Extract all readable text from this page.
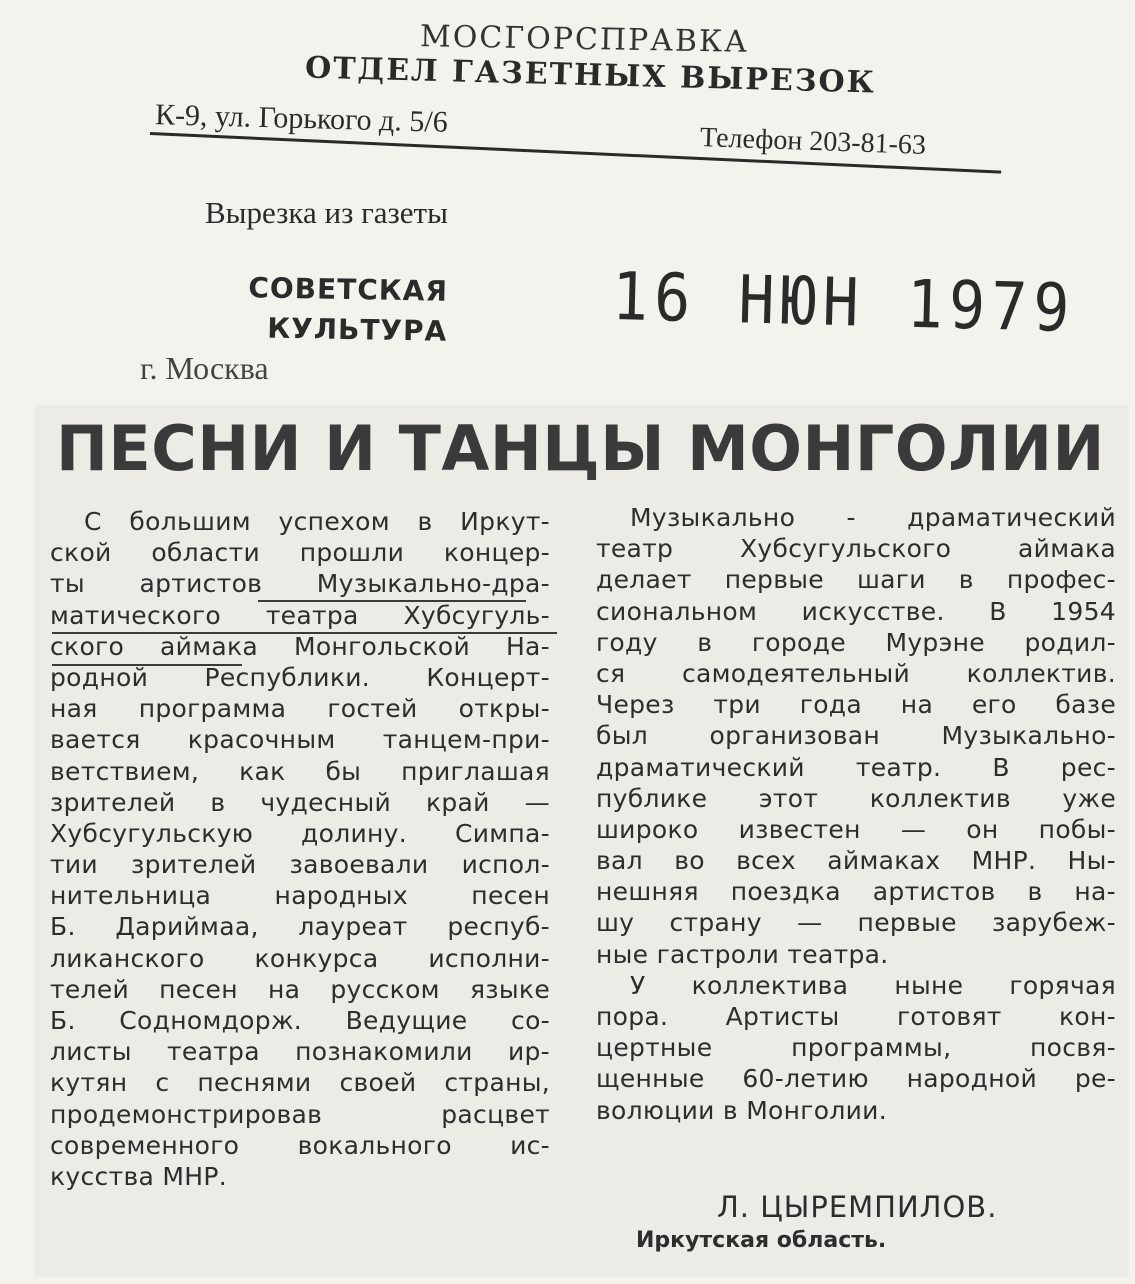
МОСГОРСПРАВКА
ОТДЕЛ ГАЗЕТНЫХ ВЫРЕЗОК
К-9, ул. Горького д. 5/6
Телефон 203-81-63
Вырезка из газеты
СОВЕТСКАЯ
КУЛЬТУРА
г. Москва
16 НЮН 1979
ПЕСНИ И ТАНЦЫ МОНГОЛИИ
С большим успехом в Иркут-
ской области прошли концер-
ты артистов Музыкально-дра-
матического театра Хубсугуль-
ского аймака Монгольской На-
родной Республики. Концерт-
ная программа гостей откры-
вается красочным танцем-при-
ветствием, как бы приглашая
зрителей в чудесный край —
Хубсугульскую долину. Симпа-
тии зрителей завоевали испол-
нительница народных песен
Б. Дариймаа, лауреат респуб-
ликанского конкурса исполни-
телей песен на русском языке
Б. Содномдорж. Ведущие со-
листы театра познакомили ир-
кутян с песнями своей страны,
продемонстрировав расцвет
современного вокального ис-
кусства МНР.
Музыкально - драматический
театр Хубсугульского аймака
делает первые шаги в профес-
сиональном искусстве. В 1954
году в городе Мурэне родил-
ся самодеятельный коллектив.
Через три года на его базе
был организован Музыкально-
драматический театр. В рес-
публике этот коллектив уже
широко известен — он побы-
вал во всех аймаках МНР. Ны-
нешняя поездка артистов в на-
шу страну — первые зарубеж-
ные гастроли театра.
У коллектива ныне горячая
пора. Артисты готовят кон-
цертные программы, посвя-
щенные 60-летию народной ре-
волюции в Монголии.
Л. ЦЫРЕМПИЛОВ.
Иркутская область.
